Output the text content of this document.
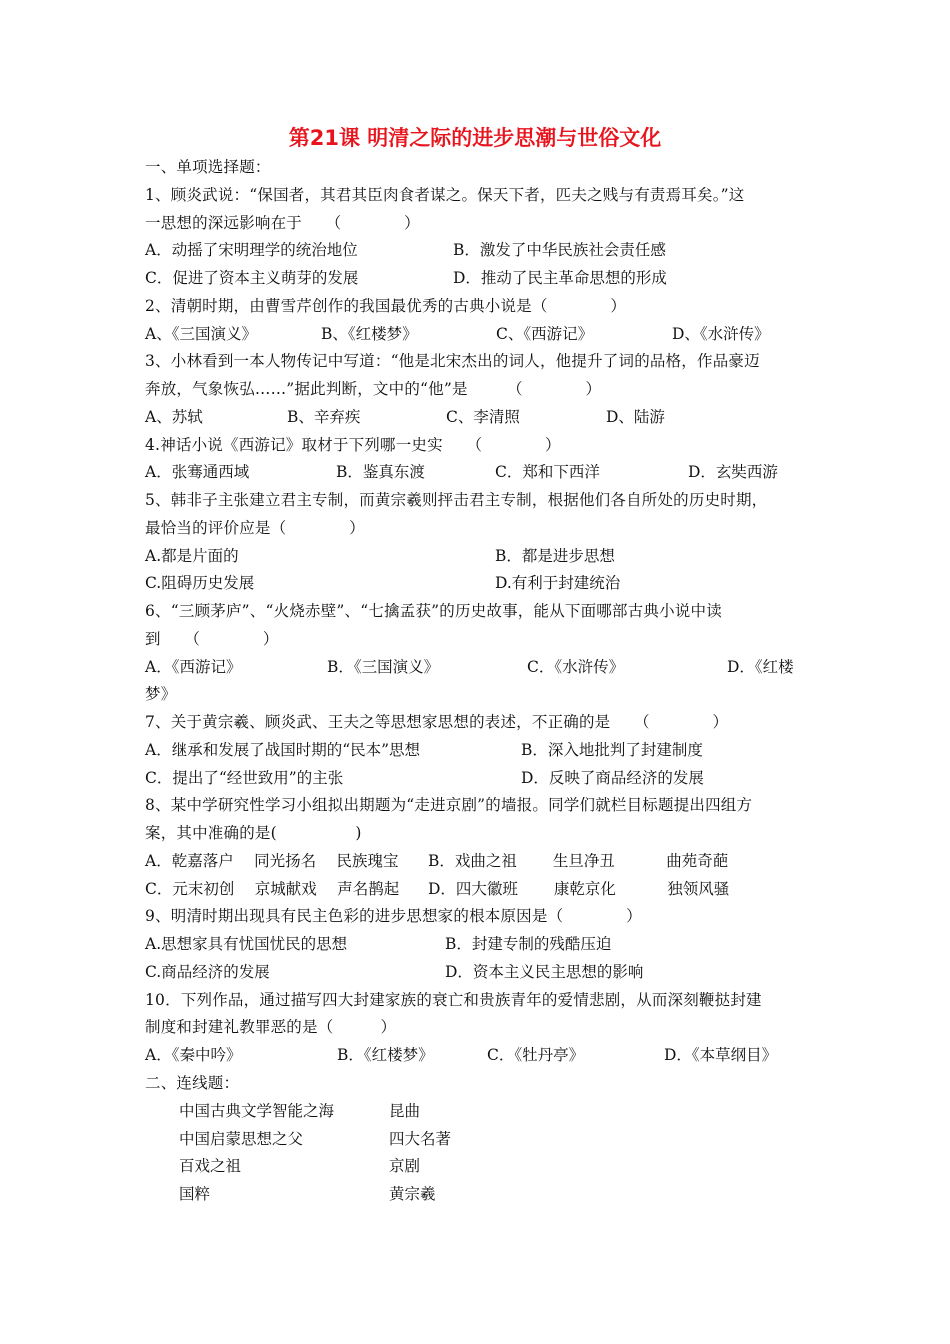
第21课 明清之际的进步思潮与世俗文化
一、单项选择题：
1、顾炎武说：“保国者，其君其臣肉食者谋之。保天下者，匹夫之贱与有责焉耳矣。”这
一思想的深远影响在于　　（　　　　）
A．动摇了宋明理学的统治地位	B．激发了中华民族社会责任感
C．促进了资本主义萌芽的发展	D．推动了民主革命思想的形成
2、清朝时期，由曹雪芹创作的我国最优秀的古典小说是（　　　　）
A、《三国演义》	B、《红楼梦》	C、《西游记》	D、《水浒传》
3、小林看到一本人物传记中写道：“他是北宋杰出的词人，他提升了词的品格，作品豪迈
奔放，气象恢弘……”据此判断，文中的“他”是　　　（　　　　）
A、苏轼	B、辛弃疾	C、李清照	D、陆游
4.神话小说《西游记》取材于下列哪一史实　　（　　　　）
A．张骞通西域	B．鉴真东渡	C．郑和下西洋	D．玄奘西游
5、韩非子主张建立君主专制，而黄宗羲则抨击君主专制，根据他们各自所处的历史时期，
最恰当的评价应是（　　　　）
A.都是片面的	B．都是进步思想
C.阻碍历史发展	D.有利于封建统治
6、“三顾茅庐”、“火烧赤壁”、“七擒孟获”的历史故事，能从下面哪部古典小说中读
到　　（　　　　）
A．《西游记》	B．《三国演义》	C．《水浒传》	D．《红楼
梦》
7、关于黄宗羲、顾炎武、王夫之等思想家思想的表述，不正确的是　　（　　　　）
A．继承和发展了战国时期的“民本”思想	B．深入地批判了封建制度
C．提出了“经世致用”的主张	D．反映了商品经济的发展
8、某中学研究性学习小组拟出期题为“走进京剧”的墙报。同学们就栏目标题提出四组方
案，其中准确的是(　　　　　)
A．乾嘉落户　 同光扬名　 民族瑰宝 B．戏曲之祖　　 生旦净丑　　　 曲苑奇葩
C．元末初创　 京城献戏　 声名鹊起 D．四大徽班　　 康乾京化　　　 独领风骚
9、明清时期出现具有民主色彩的进步思想家的根本原因是（　　　　）
A.思想家具有忧国忧民的思想	B．封建专制的残酷压迫
C.商品经济的发展	D．资本主义民主思想的影响
10．下列作品，通过描写四大封建家族的衰亡和贵族青年的爱情悲剧，从而深刻鞭挞封建
制度和封建礼教罪恶的是（　　　）
A．《秦中吟》	B．《红楼梦》	C．《牡丹亭》	D．《本草纲目》
二、连线题：
中国古典文学智能之海	昆曲
中国启蒙思想之父	四大名著
百戏之祖	京剧
国粹	黄宗羲
